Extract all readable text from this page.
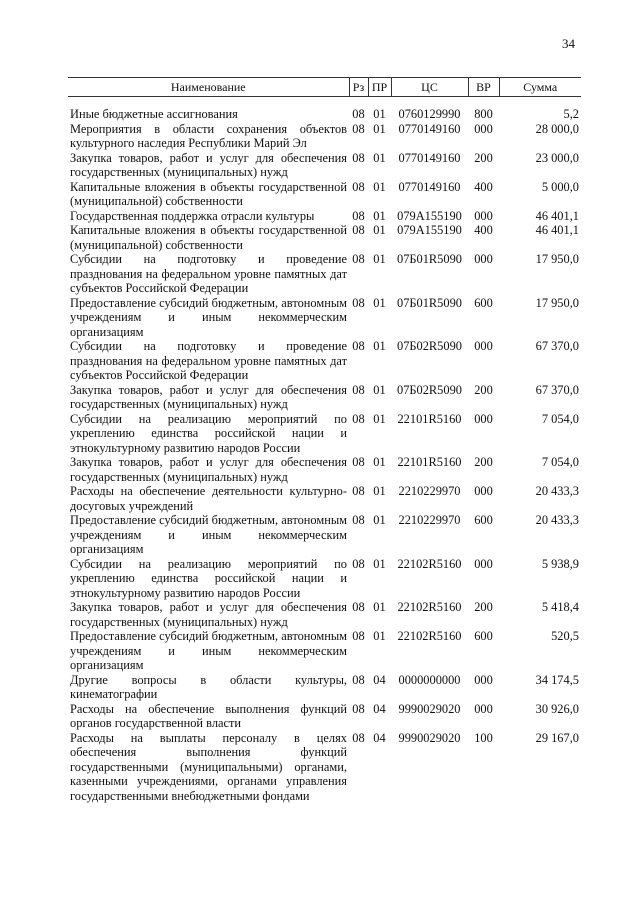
34
Наименование	Рз	ПР	ЦС	ВР	Сумма

Иные бюджетные ассигнования	08	01	0760129990	800	5,2
Мероприятия в области сохранения объектов культурного наследия Республики Марий Эл	08	01	0770149160	000	28 000,0
Закупка товаров, работ и услуг для обеспечения государственных (муниципальных) нужд	08	01	0770149160	200	23 000,0
Капитальные вложения в объекты государственной (муниципальной) собственности	08	01	0770149160	400	5 000,0
Государственная поддержка отрасли культуры	08	01	079A155190	000	46 401,1
Капитальные вложения в объекты государственной (муниципальной) собственности	08	01	079A155190	400	46 401,1
Субсидии на подготовку и проведение празднования на федеральном уровне памятных дат субъектов Российской Федерации	08	01	07Б01R5090	000	17 950,0
Предоставление субсидий бюджетным, автономным учреждениям и иным некоммерческим организациям	08	01	07Б01R5090	600	17 950,0
Субсидии на подготовку и проведение празднования на федеральном уровне памятных дат субъектов Российской Федерации	08	01	07Б02R5090	000	67 370,0
Закупка товаров, работ и услуг для обеспечения государственных (муниципальных) нужд	08	01	07Б02R5090	200	67 370,0
Субсидии на реализацию мероприятий по укреплению единства российской нации и этнокультурному развитию народов России	08	01	22101R5160	000	7 054,0
Закупка товаров, работ и услуг для обеспечения государственных (муниципальных) нужд	08	01	22101R5160	200	7 054,0
Расходы на обеспечение деятельности культурно-досуговых учреждений	08	01	2210229970	000	20 433,3
Предоставление субсидий бюджетным, автономным учреждениям и иным некоммерческим организациям	08	01	2210229970	600	20 433,3
Субсидии на реализацию мероприятий по укреплению единства российской нации и этнокультурному развитию народов России	08	01	22102R5160	000	5 938,9
Закупка товаров, работ и услуг для обеспечения государственных (муниципальных) нужд	08	01	22102R5160	200	5 418,4
Предоставление субсидий бюджетным, автономным учреждениям и иным некоммерческим организациям	08	01	22102R5160	600	520,5
Другие вопросы в области культуры, кинематографии	08	04	0000000000	000	34 174,5
Расходы на обеспечение выполнения функций органов государственной власти	08	04	9990029020	000	30 926,0
Расходы на выплаты персоналу в целях обеспечения выполнения функций государственными (муниципальными) органами, казенными учреждениями, органами управления государственными внебюджетными фондами	08	04	9990029020	100	29 167,0
